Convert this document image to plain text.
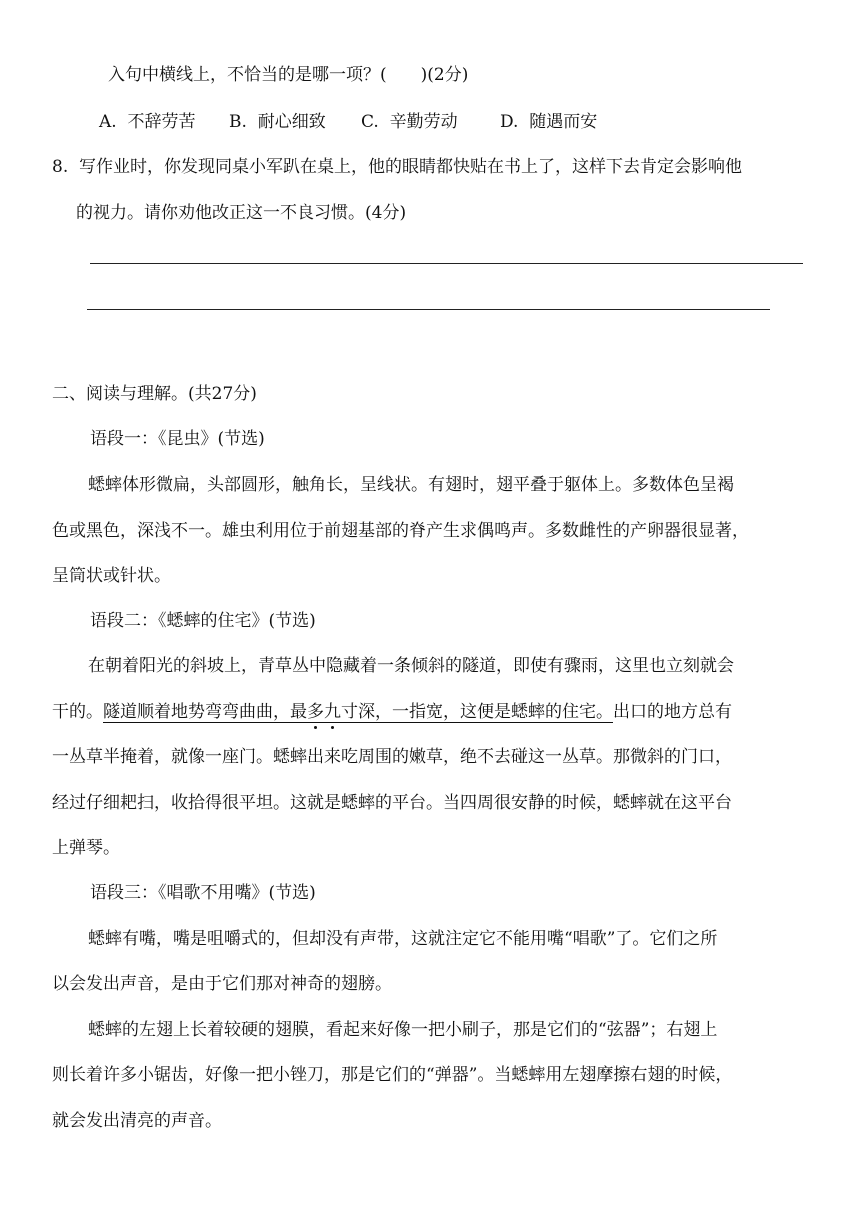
入句中横线上，不恰当的是哪一项？(　　)(2分)
A. 不辞劳苦 B. 耐心细致 C. 辛勤劳动 D. 随遇而安
8.  写作业时，你发现同桌小军趴在桌上，他的眼睛都快贴在书上了，这样下去肯定会影响他
的视力。请你劝他改正这一不良习惯。(4分)
二、阅读与理解。(共27分)
语段一：《昆虫》(节选)
蟋蟀体形微扁，头部圆形，触角长，呈线状。有翅时，翅平叠于躯体上。多数体色呈褐
色或黑色，深浅不一。雄虫利用位于前翅基部的脊产生求偶鸣声。多数雌性的产卵器很显著，
呈筒状或针状。
语段二：《蟋蟀的住宅》(节选)
在朝着阳光的斜坡上，青草丛中隐藏着一条倾斜的隧道，即使有骤雨，这里也立刻就会
干的。隧道顺着地势弯弯曲曲，最多九寸深，一指宽，这便是蟋蟀的住宅。出口的地方总有
一丛草半掩着，就像一座门。蟋蟀出来吃周围的嫩草，绝不去碰这一丛草。那微斜的门口，
经过仔细耙扫，收拾得很平坦。这就是蟋蟀的平台。当四周很安静的时候，蟋蟀就在这平台
上弹琴。
语段三：《唱歌不用嘴》(节选)
蟋蟀有嘴，嘴是咀嚼式的，但却没有声带，这就注定它不能用嘴“唱歌”了。它们之所
以会发出声音，是由于它们那对神奇的翅膀。
蟋蟀的左翅上长着较硬的翅膜，看起来好像一把小刷子，那是它们的“弦器”；右翅上
则长着许多小锯齿，好像一把小锉刀，那是它们的“弹器”。当蟋蟀用左翅摩擦右翅的时候，
就会发出清亮的声音。
